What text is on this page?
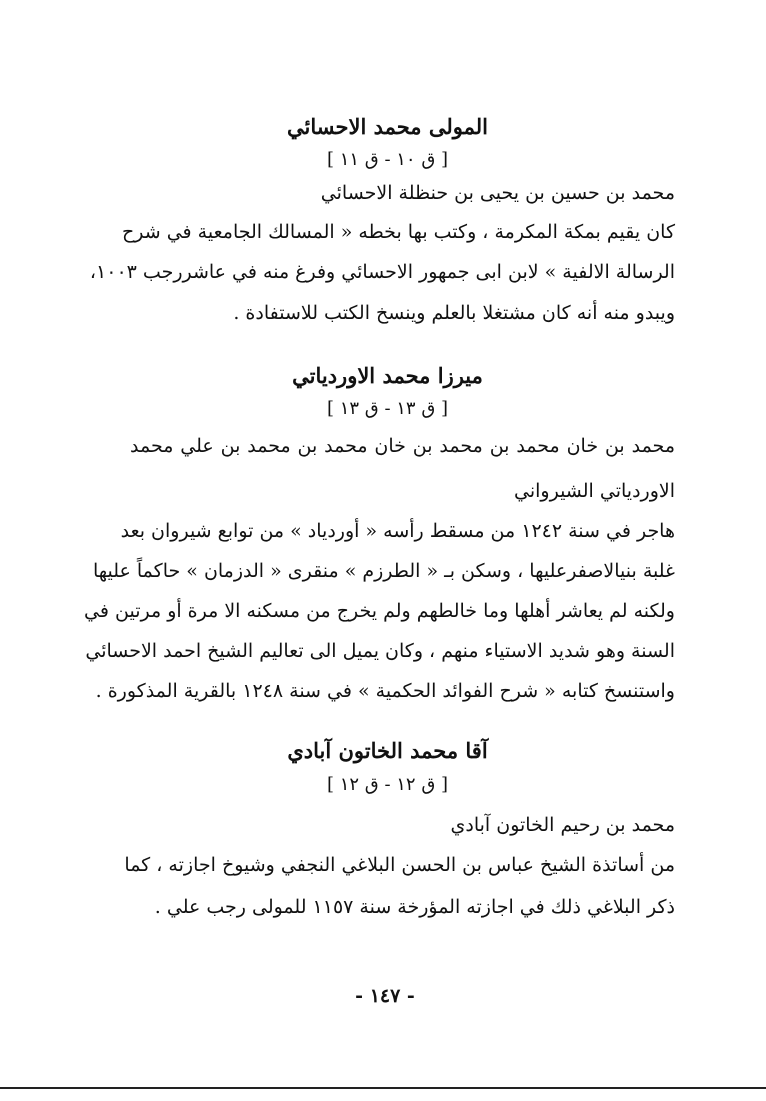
المولى محمد الاحسائي
[ ق ١٠ - ق ١١ ]
محمد بن حسين بن يحيى بن حنظلة الاحسائي
كان يقيم بمكة المكرمة ، وكتب بها بخطه « المسالك الجامعية في شرح
الرسالة الالفية » لابن ابى جمهور الاحسائي وفرغ منه في عاشررجب ١٠٠٣،
ويبدو منه أنه كان مشتغلا بالعلم وينسخ الكتب للاستفادة .
ميرزا محمد الاوردياتي
[ ق ١٣ - ق ١٣ ]
محمد بن خان محمد بن محمد بن خان محمد بن محمد بن علي محمد
الاوردياتي الشيرواني
هاجر في سنة ١٢٤٢ من مسقط رأسه « أوردياد » من توابع شيروان بعد
غلبة بنيالاصفرعليها ، وسكن بـ « الطرزم » منقرى « الدزمان » حاكماً عليها
ولكنه لم يعاشر أهلها وما خالطهم ولم يخرج من مسكنه الا مرة أو مرتين في
السنة وهو شديد الاستياء منهم ، وكان يميل الى تعاليم الشيخ احمد الاحسائي
واستنسخ كتابه « شرح الفوائد الحكمية » في سنة ١٢٤٨ بالقرية المذكورة .
آقا محمد الخاتون آبادي
[ ق ١٢ - ق ١٢ ]
محمد بن رحيم الخاتون آبادي
من أساتذة الشيخ عباس بن الحسن البلاغي النجفي وشيوخ اجازته ، كما
ذكر البلاغي ذلك في اجازته المؤرخة سنة ١١٥٧ للمولى رجب علي .
- ١٤٧ -
